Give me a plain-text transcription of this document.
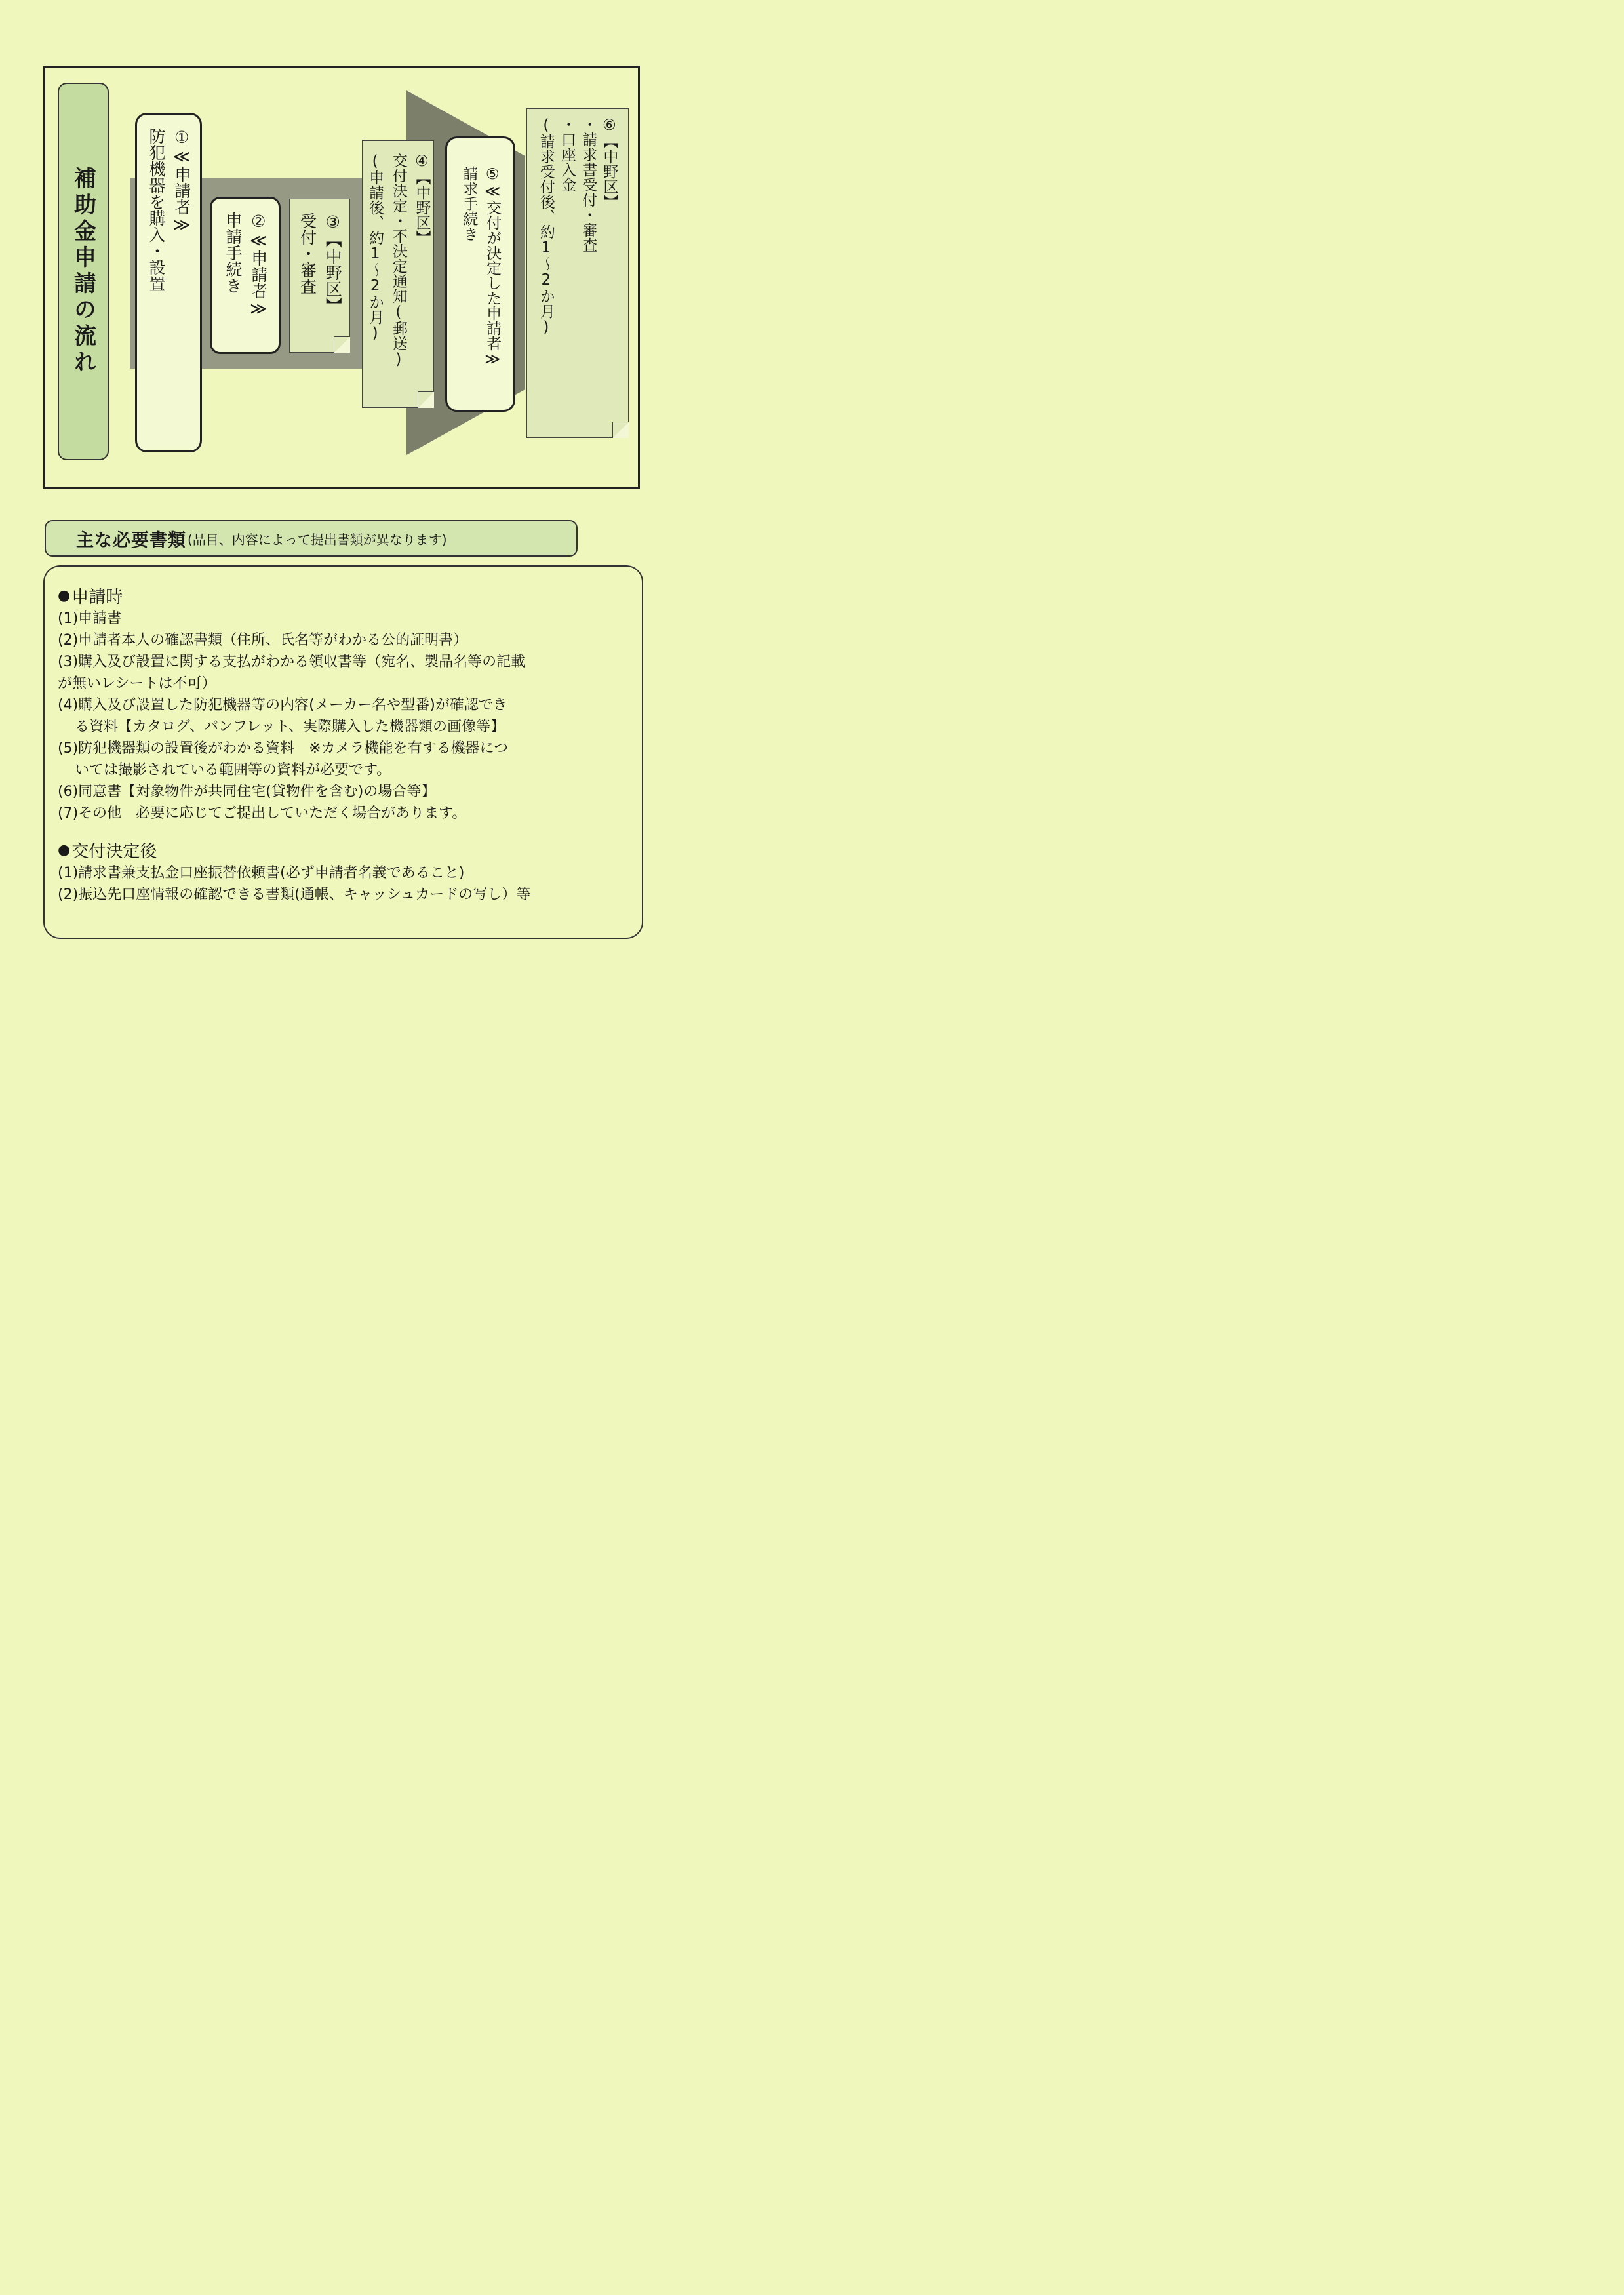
補助金申請の流れ	①≪申請者≫
防犯機器を購入・設置	②≪申請者≫
申請手続き	③【中野区】
受付・審査
④【中野区】
交付決定・不決定通知(郵送)
(申請後、約1～2か月)	⑤≪交付が決定した申請者≫
請求手続き	⑥【中野区】
・請求書受付・審査
・口座入金
(請求受付後、約1～2か月)
主な必要書類 (品目、内容によって提出書類が異なります)

● 申請時

(1)申請書

(2)申請者本人の確認書類（住所、氏名等がわかる公的証明書）

(3)購入及び設置に関する支払がわかる領収書等（宛名、製品名等の記載

が無いレシートは不可）

(4)購入及び設置した防犯機器等の内容(メーカー名や型番)が確認でき

る資料【カタログ、パンフレット、実際購入した機器類の画像等】

(5)防犯機器類の設置後がわかる資料　※カメラ機能を有する機器につ

いては撮影されている範囲等の資料が必要です。

(6)同意書【対象物件が共同住宅(貸物件を含む)の場合等】

(7)その他　必要に応じてご提出していただく場合があります。

● 交付決定後

(1)請求書兼支払金口座振替依頼書(必ず申請者名義であること)

(2)振込先口座情報の確認できる書類(通帳、キャッシュカードの写し）等
